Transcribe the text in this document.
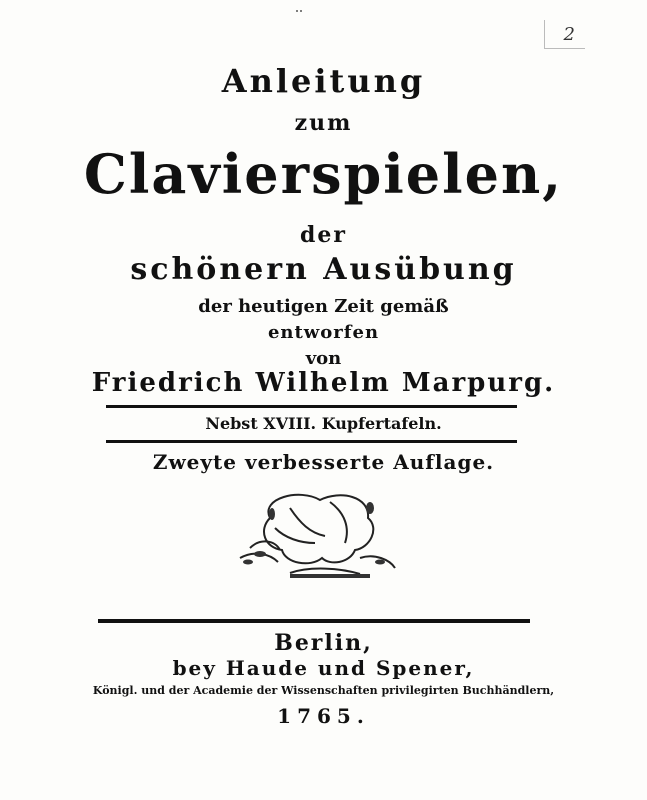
2
Anleitung
zum
Clavierspielen,
der
schönern Ausübung
der heutigen Zeit gemäß
entworfen
von
Friedrich Wilhelm Marpurg.
Nebst XVIII. Kupfertafeln.
Zweyte verbesserte Auflage.
Berlin,
bey Haude und Spener,
Königl. und der Academie der Wissenschaften privilegirten Buchhändlern,
1765.
